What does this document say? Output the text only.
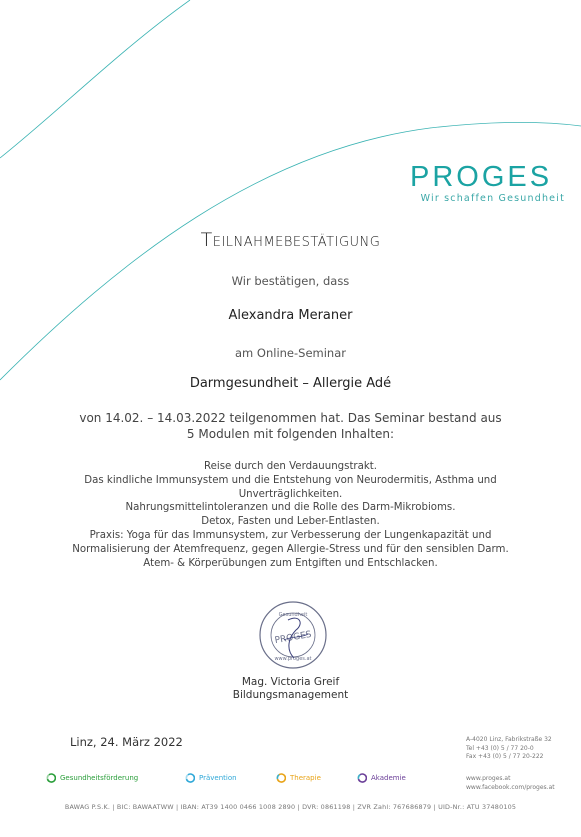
PROGES
Wir schaffen Gesundheit
Teilnahmebestätigung
Wir bestätigen, dass
Alexandra Meraner
am Online-Seminar
Darmgesundheit – Allergie Adé
von 14.02. – 14.03.2022 teilgenommen hat. Das Seminar bestand aus
5 Modulen mit folgenden Inhalten:
Reise durch den Verdauungstrakt.
Das kindliche Immunsystem und die Entstehung von Neurodermitis, Asthma und
Unverträglichkeiten.
Nahrungsmittelintoleranzen und die Rolle des Darm-Mikrobioms.
Detox, Fasten und Leber-Entlasten.
Praxis: Yoga für das Immunsystem, zur Verbesserung der Lungenkapazität und
Normalisierung der Atemfrequenz, gegen Allergie-Stress und für den sensiblen Darm.
Atem- & Körperübungen zum Entgiften und Entschlacken.
Gesundheit
PROGES
www.proges.at
Mag. Victoria Greif
Bildungsmanagement
Linz, 24. März 2022	A-4020 Linz, Fabrikstraße 32
Tel +43 (0) 5 / 77 20-0
Fax +43 (0) 5 / 77 20-222
www.proges.at
www.facebook.com/proges.at
Gesundheitsförderung	Prävention	Therapie	Akademie
BAWAG P.S.K. | BIC: BAWAATWW | IBAN: AT39 1400 0466 1008 2890 | DVR: 0861198 | ZVR Zahl: 767686879 | UID-Nr.: ATU 37480105
